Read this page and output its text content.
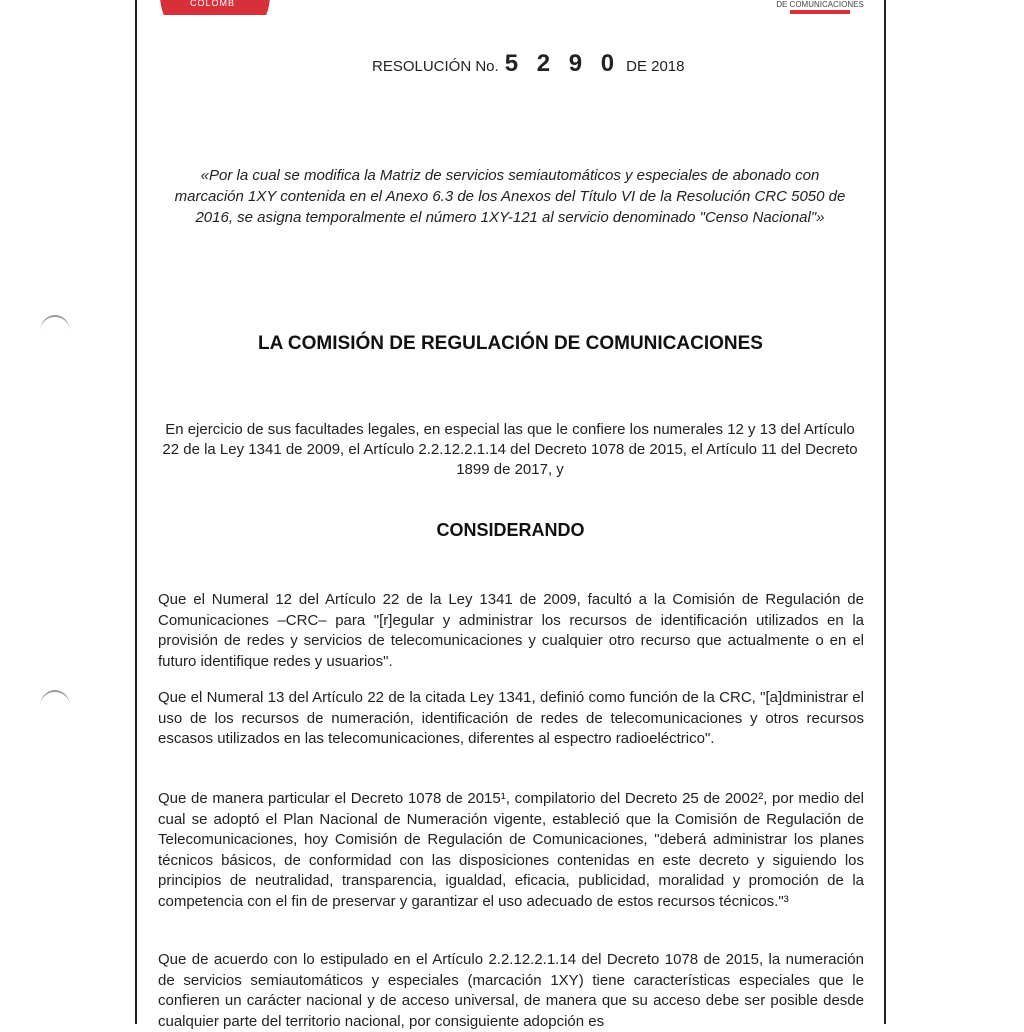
COLOMB	DE COMUNICACIONES
RESOLUCIÓN No. 5 2 9 0 DE 2018
«Por la cual se modifica la Matriz de servicios semiautomáticos y especiales de abonado con marcación 1XY contenida en el Anexo 6.3 de los Anexos del Título VI de la Resolución CRC 5050 de 2016, se asigna temporalmente el número 1XY-121 al servicio denominado "Censo Nacional"»
LA COMISIÓN DE REGULACIÓN DE COMUNICACIONES
En ejercicio de sus facultades legales, en especial las que le confiere los numerales 12 y 13 del Artículo 22 de la Ley 1341 de 2009, el Artículo 2.2.12.2.1.14 del Decreto 1078 de 2015, el Artículo 11 del Decreto 1899 de 2017, y
CONSIDERANDO
Que el Numeral 12 del Artículo 22 de la Ley 1341 de 2009, facultó a la Comisión de Regulación de Comunicaciones –CRC– para "[r]egular y administrar los recursos de identificación utilizados en la provisión de redes y servicios de telecomunicaciones y cualquier otro recurso que actualmente o en el futuro identifique redes y usuarios".
Que el Numeral 13 del Artículo 22 de la citada Ley 1341, definió como función de la CRC, "[a]dministrar el uso de los recursos de numeración, identificación de redes de telecomunicaciones y otros recursos escasos utilizados en las telecomunicaciones, diferentes al espectro radioeléctrico".
Que de manera particular el Decreto 1078 de 2015¹, compilatorio del Decreto 25 de 2002², por medio del cual se adoptó el Plan Nacional de Numeración vigente, estableció que la Comisión de Regulación de Telecomunicaciones, hoy Comisión de Regulación de Comunicaciones, "deberá administrar los planes técnicos básicos, de conformidad con las disposiciones contenidas en este decreto y siguiendo los principios de neutralidad, transparencia, igualdad, eficacia, publicidad, moralidad y promoción de la competencia con el fin de preservar y garantizar el uso adecuado de estos recursos técnicos."³
Que de acuerdo con lo estipulado en el Artículo 2.2.12.2.1.14 del Decreto 1078 de 2015, la numeración de servicios semiautomáticos y especiales (marcación 1XY) tiene características especiales que le confieren un carácter nacional y de acceso universal, de manera que su acceso debe ser posible desde cualquier parte del territorio nacional, por consiguiente adopción es
